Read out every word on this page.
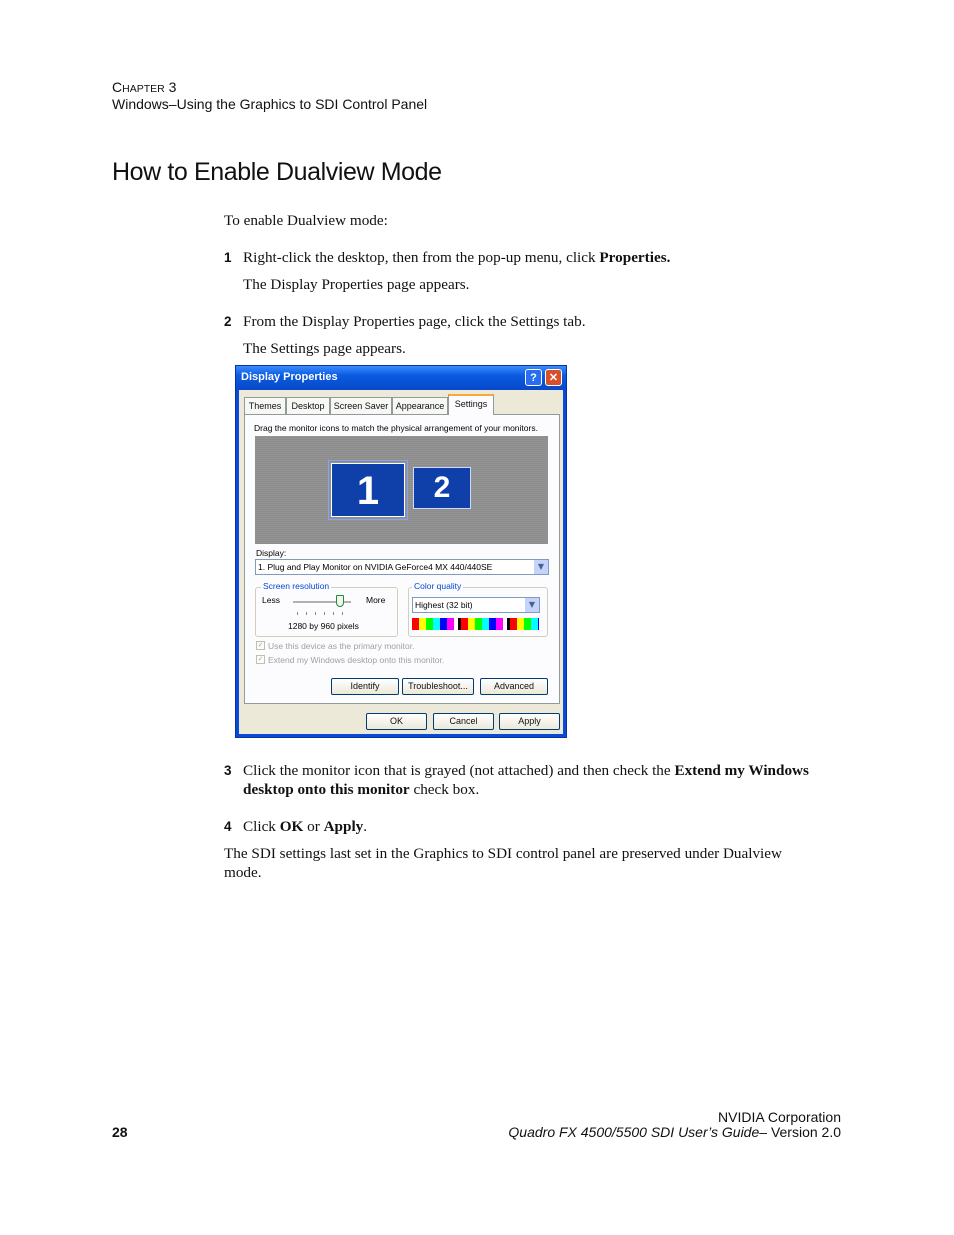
CHAPTER 3
Windows–Using the Graphics to SDI Control Panel
How to Enable Dualview Mode
To enable Dualview mode:
1 Right-click the desktop, then from the pop-up menu, click Properties.
The Display Properties page appears.
2 From the Display Properties page, click the Settings tab.
The Settings page appears.
Display Properties	?	✕
Themes	Desktop	Screen Saver Appearance	Settings
Drag the monitor icons to match the physical arrangement of your monitors.
1	2
Display:
1. Plug and Play Monitor on NVIDIA GeForce4 MX 440/440SE	▼
Screen resolution
Less	More
1280 by 960 pixels
Color quality
Highest (32 bit)	▼
✓ Use this device as the primary monitor.
✓ Extend my Windows desktop onto this monitor.
Identify	Troubleshoot...	Advanced
OK	Cancel	Apply
3 Click the monitor icon that is grayed (not attached) and then check the Extend my Windows desktop onto this monitor check box.
4 Click OK or Apply.
The SDI settings last set in the Graphics to SDI control panel are preserved under Dualview mode.
NVIDIA Corporation
28	Quadro FX 4500/5500 SDI User’s Guide– Version 2.0
